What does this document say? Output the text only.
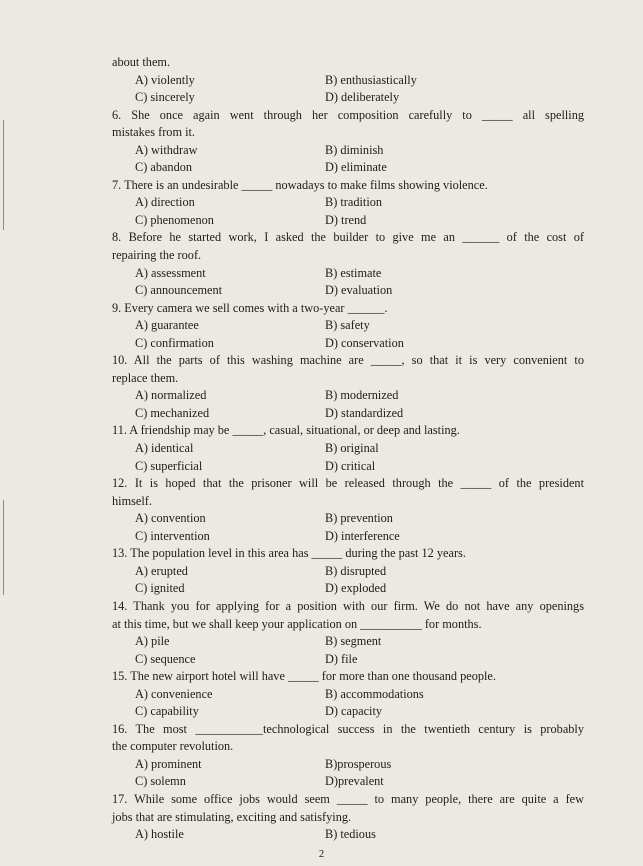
about them.
A) violently	B) enthusiastically
C) sincerely	D) deliberately
6. She once again went through her composition carefully to _____ all spelling
mistakes from it.
A) withdraw	B) diminish
C) abandon	D) eliminate
7. There is an undesirable _____ nowadays to make films showing violence.
A) direction	B) tradition
C) phenomenon	D) trend
8. Before he started work, I asked the builder to give me an ______ of the cost of
repairing the roof.
A) assessment	B) estimate
C) announcement	D) evaluation
9. Every camera we sell comes with a two-year ______.
A) guarantee	B) safety
C) confirmation	D) conservation
10. All the parts of this washing machine are _____, so that it is very convenient to
replace them.
A) normalized	B) modernized
C) mechanized	D) standardized
11. A friendship may be _____, casual, situational, or deep and lasting.
A) identical	B) original
C) superficial	D) critical
12. It is hoped that the prisoner will be released through the _____ of the president
himself.
A) convention	B) prevention
C) intervention	D) interference
13. The population level in this area has _____ during the past 12 years.
A) erupted	B) disrupted
C) ignited	D) exploded
14. Thank you for applying for a position with our firm. We do not have any openings
at this time, but we shall keep your application on __________ for months.
A) pile	B) segment
C) sequence	D) file
15. The new airport hotel will have _____ for more than one thousand people.
A) convenience	B) accommodations
C) capability	D) capacity
16. The most ___________technological success in the twentieth century is probably
the computer revolution.
A) prominent	B)prosperous
C) solemn	D)prevalent
17. While some office jobs would seem _____ to many people, there are quite a few
jobs that are stimulating, exciting and satisfying.
A) hostile	B) tedious
2
